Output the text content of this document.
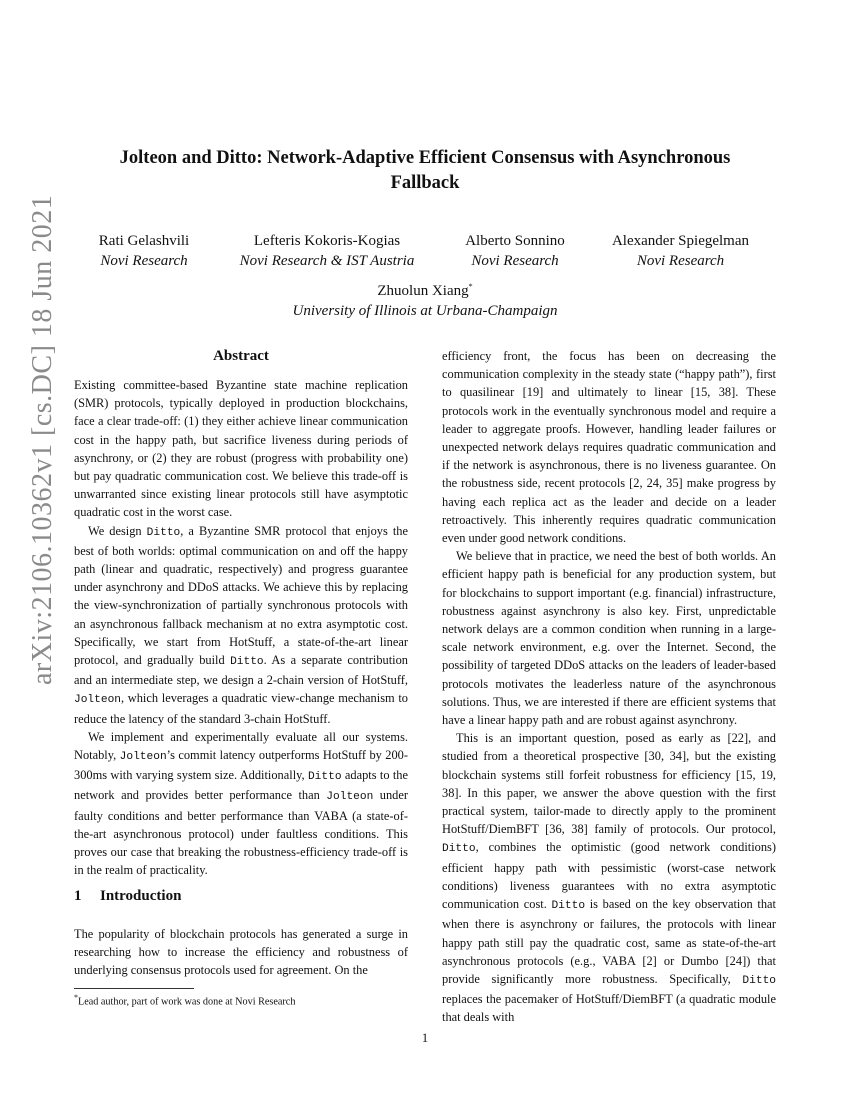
arXiv:2106.10362v1 [cs.DC] 18 Jun 2021
Jolteon and Ditto: Network-Adaptive Efficient Consensus with Asynchronous
Fallback
Rati Gelashvili
Novi Research
Lefteris Kokoris-Kogias
Novi Research & IST Austria
Alberto Sonnino
Novi Research
Alexander Spiegelman
Novi Research
Zhuolun Xiang*
University of Illinois at Urbana-Champaign
Abstract

Existing committee-based Byzantine state machine replication (SMR) protocols, typically deployed in production blockchains, face a clear trade-off: (1) they either achieve linear communication cost in the happy path, but sacrifice liveness during periods of asynchrony, or (2) they are robust (progress with probability one) but pay quadratic communication cost. We believe this trade-off is unwarranted since existing linear protocols still have asymptotic quadratic cost in the worst case.

We design Ditto, a Byzantine SMR protocol that enjoys the best of both worlds: optimal communication on and off the happy path (linear and quadratic, respectively) and progress guarantee under asynchrony and DDoS attacks. We achieve this by replacing the view-synchronization of partially synchronous protocols with an asynchronous fallback mechanism at no extra asymptotic cost. Specifically, we start from HotStuff, a state-of-the-art linear protocol, and gradually build Ditto. As a separate contribution and an intermediate step, we design a 2-chain version of HotStuff, Jolteon, which leverages a quadratic view-change mechanism to reduce the latency of the standard 3-chain HotStuff.

We implement and experimentally evaluate all our systems. Notably, Jolteon’s commit latency outperforms HotStuff by 200-300ms with varying system size. Additionally, Ditto adapts to the network and provides better performance than Jolteon under faulty conditions and better performance than VABA (a state-of-the-art asynchronous protocol) under faultless conditions. This proves our case that breaking the robustness-efficiency trade-off is in the realm of practicality.

1 Introduction

The popularity of blockchain protocols has generated a surge in researching how to increase the efficiency and robustness of underlying consensus protocols used for agreement. On the

*Lead author, part of work was done at Novi Research

efficiency front, the focus has been on decreasing the communication complexity in the steady state (“happy path”), first to quasilinear [19] and ultimately to linear [15, 38]. These protocols work in the eventually synchronous model and require a leader to aggregate proofs. However, handling leader failures or unexpected network delays requires quadratic communication and if the network is asynchronous, there is no liveness guarantee. On the robustness side, recent protocols [2, 24, 35] make progress by having each replica act as the leader and decide on a leader retroactively. This inherently requires quadratic communication even under good network conditions.

We believe that in practice, we need the best of both worlds. An efficient happy path is beneficial for any production system, but for blockchains to support important (e.g. financial) infrastructure, robustness against asynchrony is also key. First, unpredictable network delays are a common condition when running in a large-scale network environment, e.g. over the Internet. Second, the possibility of targeted DDoS attacks on the leaders of leader-based protocols motivates the leaderless nature of the asynchronous solutions. Thus, we are interested if there are efficient systems that have a linear happy path and are robust against asynchrony.

This is an important question, posed as early as [22], and studied from a theoretical prospective [30, 34], but the existing blockchain systems still forfeit robustness for efficiency [15, 19, 38]. In this paper, we answer the above question with the first practical system, tailor-made to directly apply to the prominent HotStuff/DiemBFT [36, 38] family of protocols. Our protocol, Ditto, combines the optimistic (good network conditions) efficient happy path with pessimistic (worst-case network conditions) liveness guarantees with no extra asymptotic communication cost. Ditto is based on the key observation that when there is asynchrony or failures, the protocols with linear happy path still pay the quadratic cost, same as state-of-the-art asynchronous protocols (e.g., VABA [2] or Dumbo [24]) that provide significantly more robustness. Specifically, Ditto replaces the pacemaker of HotStuff/DiemBFT (a quadratic module that deals with

1
